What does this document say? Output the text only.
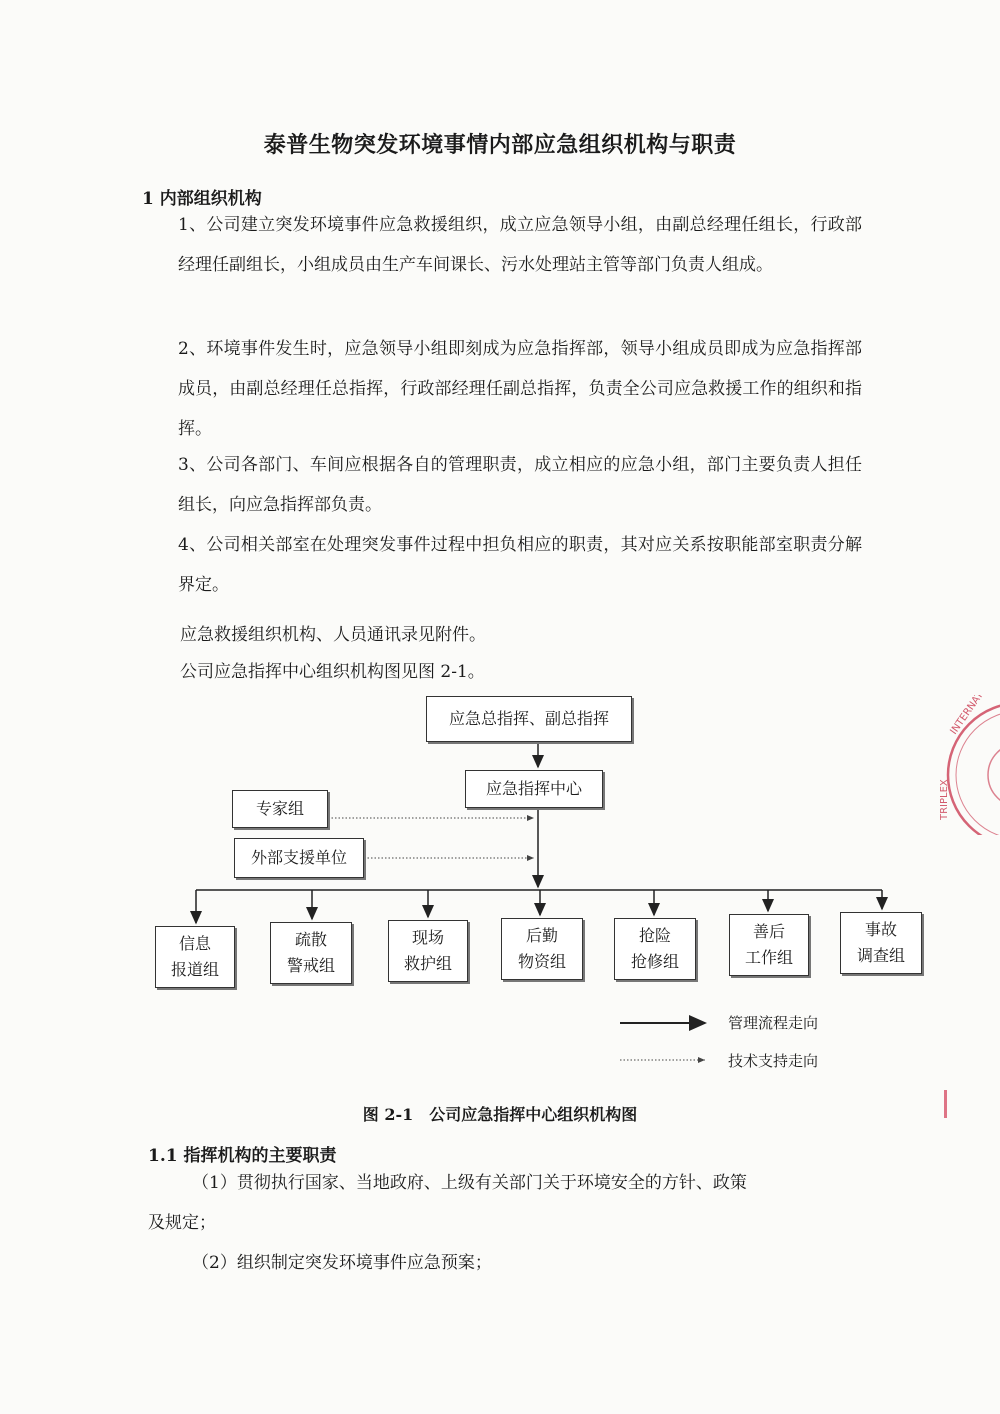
泰普生物突发环境事情内部应急组织机构与职责
1 内部组织机构
1、公司建立突发环境事件应急救援组织，成立应急领导小组，由副总经理任组长，行政部经理任副组长，小组成员由生产车间课长、污水处理站主管等部门负责人组成。
2、环境事件发生时，应急领导小组即刻成为应急指挥部，领导小组成员即成为应急指挥部成员，由副总经理任总指挥，行政部经理任副总指挥，负责全公司应急救援工作的组织和指挥。
3、公司各部门、车间应根据各自的管理职责，成立相应的应急小组，部门主要负责人担任组长，向应急指挥部负责。
4、公司相关部室在处理突发事件过程中担负相应的职责，其对应关系按职能部室职责分解界定。
应急救援组织机构、人员通讯录见附件。
公司应急指挥中心组织机构图见图 2-1。
应急总指挥、副总指挥
应急指挥中心
专家组
外部支援单位
信息
报道组
疏散
警戒组
现场
救护组
后勤
物资组
抢险
抢修组
善后
工作组
事故
调查组
管理流程走向
技术支持走向
图 2-1　公司应急指挥中心组织机构图
1.1 指挥机构的主要职责
（1）贯彻执行国家、当地政府、上级有关部门关于环境安全的方针、政策
及规定；
（2）组织制定突发环境事件应急预案；
INTERNATIO
TRIPLEX
